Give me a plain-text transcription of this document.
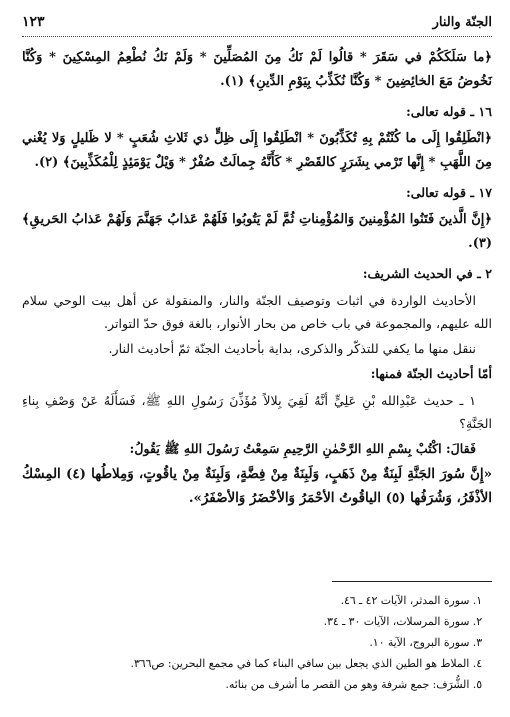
الجنّة والنار
١٢٣

﴿ما سَلَكَكُمْ في سَقَرَ * قالُوا لَمْ نَكُ مِنَ المُصَلِّينَ * وَلَمْ نَكُ نُطْعِمُ المِسْكِينَ * وَكُنَّا نَخُوضُ مَعَ الخائِضِينَ * وَكُنَّا نُكَذِّبُ بِيَوْمِ الدِّينِ﴾ (١).

١٦ ـ قوله تعالى:

﴿انْطَلِقُوا إِلَى ما كُنْتُمْ بِهِ تُكَذِّبُونَ * انْطَلِقُوا إِلَى ظِلٍّ ذي ثَلاثِ شُعَبٍ * لا ظَليلٍ وَلا يُغْني مِنَ اللَّهَبِ * إِنَّها تَرْمي بِشَرَرٍ كالقَصْرِ * كَأَنَّهُ جِمالَتٌ صُفْرٌ * وَيْلٌ يَوْمَئِذٍ لِلْمُكَذِّبِينَ﴾ (٢).

١٧ ـ قوله تعالى:

﴿إِنَّ الَّذينَ فَتَنُوا المُؤْمِنينَ وَالمُؤْمِناتِ ثُمَّ لَمْ يَتُوبُوا فَلَهُمْ عَذابُ جَهَنَّمَ وَلَهُمْ عَذابُ الحَريقِ﴾ (٣).

٢ ـ في الحديث الشريف:

الأحاديث الواردة في اثبات وتوصيف الجنّة والنار، والمنقولة عن أهل بيت الوحي سلام الله عليهم، والمجموعة في باب خاص من بحار الأنوار، بالغة فوق حدّ التواتر.

ننقل منها ما يكفي للتذكّر والذكرى، بداية بأحاديث الجنّة ثمّ أحاديث النار.

أمّا أحاديث الجنّة فمنها:

١ ـ حديث عَبْدِالله بْنِ عَلِيٍّ أنَّهُ لَقِيَ بِلالاً مُؤَذِّنَ رَسُولِ اللهِ ﷺ، فَسَأَلَهُ عَنْ وَصْفِ بِناءِ الجَنَّةِ؟

فَقالَ: اكْتُبْ بِسْمِ اللهِ الرَّحْمٰنِ الرَّحِيمِ سَمِعْتُ رَسُولَ اللهِ ﷺ يَقُولُ:

«إِنَّ سُورَ الجَنَّةِ لَبِنَةٌ مِنْ ذَهَبٍ، وَلَبِنَةٌ مِنْ فِضَّةٍ، وَلَبِنَةٌ مِنْ ياقُوتٍ، وَمِلاطُها (٤) المِسْكُ الأذْفَرُ، وَشُرَفُها (٥) الياقُوتُ الأحْمَرُ وَالأخْضَرُ وَالأصْفَرُ».

١. سورة المدثر، الآيات ٤٢ ـ ٤٦.
٢. سورة المرسلات، الآيات ٣٠ ـ ٣٤.
٣. سورة البروج، الآية ١٠.
٤. الملاط هو الطين الذي يجعل بين سافي البناء كما في مجمع البحرين: ص٣٦٦.
٥. الشُّرَف: جمع شرفة وهو من القصر ما أشرف من بنائه.
